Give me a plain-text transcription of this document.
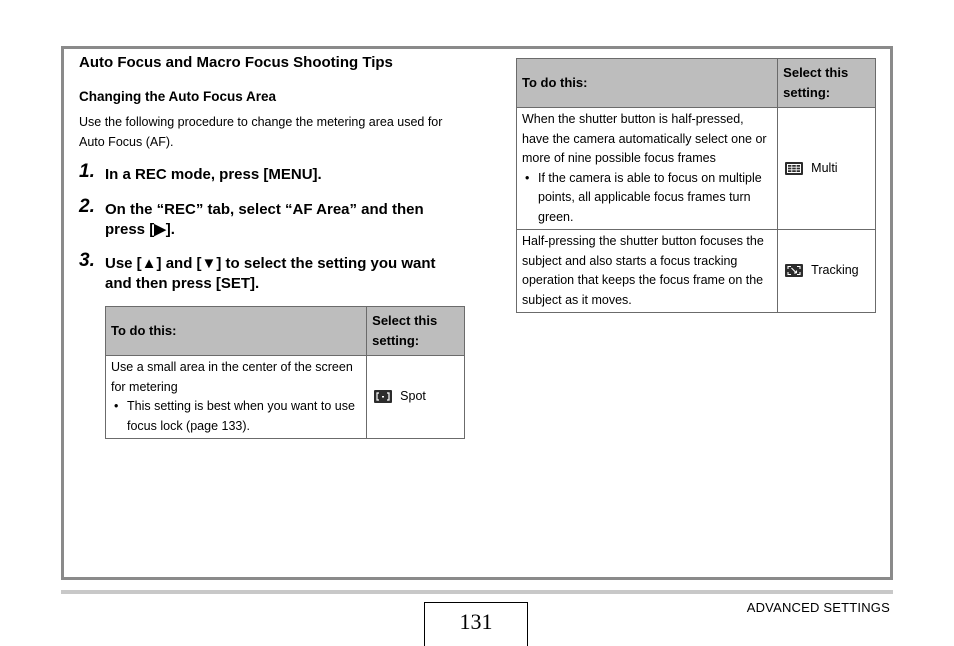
Auto Focus and Macro Focus Shooting Tips
Changing the Auto Focus Area
Use the following procedure to change the metering area used for Auto Focus (AF).
1. In a REC mode, press [MENU].
2. On the “REC” tab, select “AF Area” and then press [▶].
3. Use [▲] and [▼] to select the setting you want and then press [SET].
To do this:	Select this setting:

Use a small area in the center of the screen for metering
• This setting is best when you want to use focus lock (page 133).	Spot
To do this:	Select this setting:

When the shutter button is half-pressed, have the camera automatically select one or more of nine possible focus frames
• If the camera is able to focus on multiple points, all applicable focus frames turn green.	Multi

Half-pressing the shutter button focuses the subject and also starts a focus tracking operation that keeps the focus frame on the subject as it moves.	Tracking
131
ADVANCED SETTINGS
